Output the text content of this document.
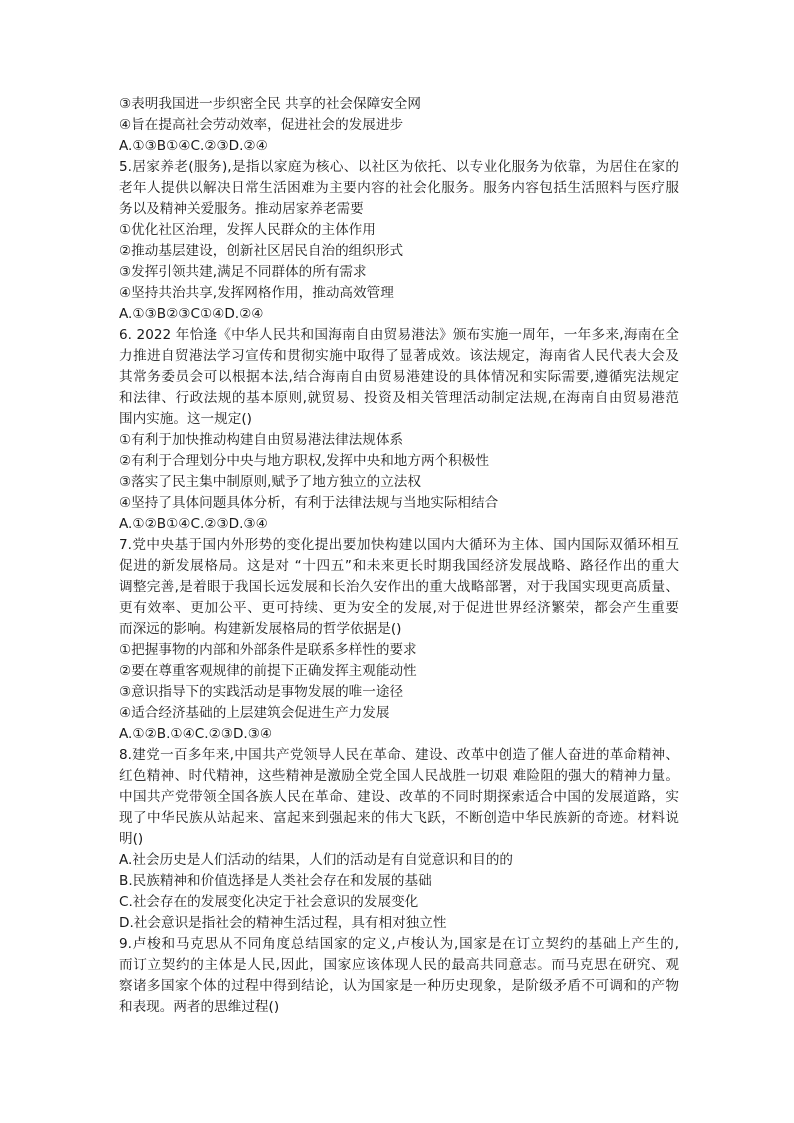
③表明我国进一步织密全民 共享的社会保障安全网
④旨在提高社会劳动效率，促进社会的发展进步
A.①③B①④C.②③D.②④
5.居家养老(服务),是指以家庭为核心、以社区为依托、以专业化服务为依靠，为居住在家的
老年人提供以解决日常生活困难为主要内容的社会化服务。服务内容包括生活照料与医疗服
务以及精神关爱服务。推动居家养老需要
①优化社区治理，发挥人民群众的主体作用
②推动基层建设，创新社区居民自治的组织形式
③发挥引领共建,满足不同群体的所有需求
④坚持共治共享,发挥网格作用，推动高效管理
A.①③B②③C①④D.②④
6. 2022 年恰逢《中华人民共和国海南自由贸易港法》颁布实施一周年，一年多来,海南在全
力推进自贸港法学习宣传和贯彻实施中取得了显著成效。该法规定，海南省人民代表大会及
其常务委员会可以根据本法,结合海南自由贸易港建设的具体情况和实际需要,遵循宪法规定
和法律、行政法规的基本原则,就贸易、投资及相关管理活动制定法规,在海南自由贸易港范
围内实施。这一规定()
①有利于加快推动构建自由贸易港法律法规体系
②有利于合理划分中央与地方职权,发挥中央和地方两个积极性
③落实了民主集中制原则,赋予了地方独立的立法权
④坚持了具体问题具体分析，有利于法律法规与当地实际相结合
A.①②B①④C.②③D.③④
7.党中央基于国内外形势的变化提出要加快构建以国内大循环为主体、国内国际双循环相互
促进的新发展格局。这是对 “十四五”和未来更长时期我国经济发展战略、路径作出的重大
调整完善,是着眼于我国长远发展和长治久安作出的重大战略部署，对于我国实现更高质量、
更有效率、更加公平、更可持续、更为安全的发展,对于促进世界经济繁荣，都会产生重要
而深远的影响。构建新发展格局的哲学依据是()
①把握事物的内部和外部条件是联系多样性的要求
②要在尊重客观规律的前提下正确发挥主观能动性
③意识指导下的实践活动是事物发展的唯一途径
④适合经济基础的上层建筑会促进生产力发展
A.①②B.①④C.②③D.③④
8.建党一百多年来,中国共产党领导人民在革命、建设、改革中创造了催人奋进的革命精神、
红色精神、时代精神，这些精神是激励全党全国人民战胜一切艰 难险阻的强大的精神力量。
中国共产党带领全国各族人民在革命、建设、改革的不同时期探索适合中国的发展道路，实
现了中华民族从站起来、富起来到强起来的伟大飞跃，不断创造中华民族新的奇迹。材料说
明()
A.社会历史是人们活动的结果，人们的活动是有自觉意识和目的的
B.民族精神和价值选择是人类社会存在和发展的基础
C.社会存在的发展变化决定于社会意识的发展变化
D.社会意识是指社会的精神生活过程，具有相对独立性
9.卢梭和马克思从不同角度总结国家的定义,卢梭认为,国家是在订立契约的基础上产生的,
而订立契约的主体是人民,因此，国家应该体现人民的最高共同意志。而马克思在研究、观
察诸多国家个体的过程中得到结论，认为国家是一种历史现象，是阶级矛盾不可调和的产物
和表现。两者的思维过程()
